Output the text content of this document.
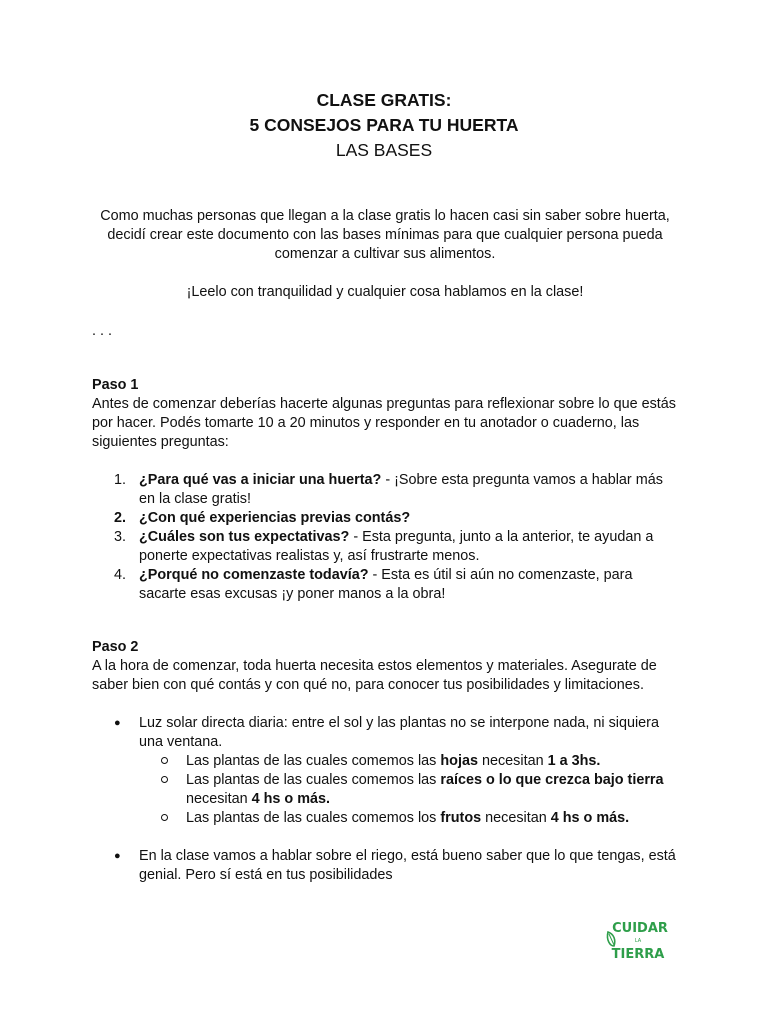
CLASE GRATIS:
5 CONSEJOS PARA TU HUERTA
LAS BASES

Como muchas personas que llegan a la clase gratis lo hacen casi sin saber sobre huerta, decidí crear este documento con las bases mínimas para que cualquier persona pueda comenzar a cultivar sus alimentos.

¡Leelo con tranquilidad y cualquier cosa hablamos en la clase!

. . .
Paso 1

Antes de comenzar deberías hacerte algunas preguntas para reflexionar sobre lo que estás por hacer. Podés tomarte 10 a 20 minutos y responder en tu anotador o cuaderno, las siguientes preguntas:

1. ¿Para qué vas a iniciar una huerta? - ¡Sobre esta pregunta vamos a hablar más en la clase gratis!
2. ¿Con qué experiencias previas contás?
3. ¿Cuáles son tus expectativas? - Esta pregunta, junto a la anterior, te ayudan a ponerte expectativas realistas y, así frustrarte menos.
4. ¿Porqué no comenzaste todavía? - Esta es útil si aún no comenzaste, para sacarte esas excusas ¡y poner manos a la obra!
Paso 2

A la hora de comenzar, toda huerta necesita estos elementos y materiales. Asegurate de saber bien con qué contás y con qué no, para conocer tus posibilidades y limitaciones.

● Luz solar directa diaria: entre el sol y las plantas no se interpone nada, ni siquiera una ventana.
Las plantas de las cuales comemos las hojas necesitan 1 a 3hs.
Las plantas de las cuales comemos las raíces o lo que crezca bajo tierra necesitan 4 hs o más.
Las plantas de las cuales comemos los frutos necesitan 4 hs o más.
● En la clase vamos a hablar sobre el riego, está bueno saber que lo que tengas, está genial. Pero sí está en tus posibilidades
CUIDAR
LA
TIERRA
